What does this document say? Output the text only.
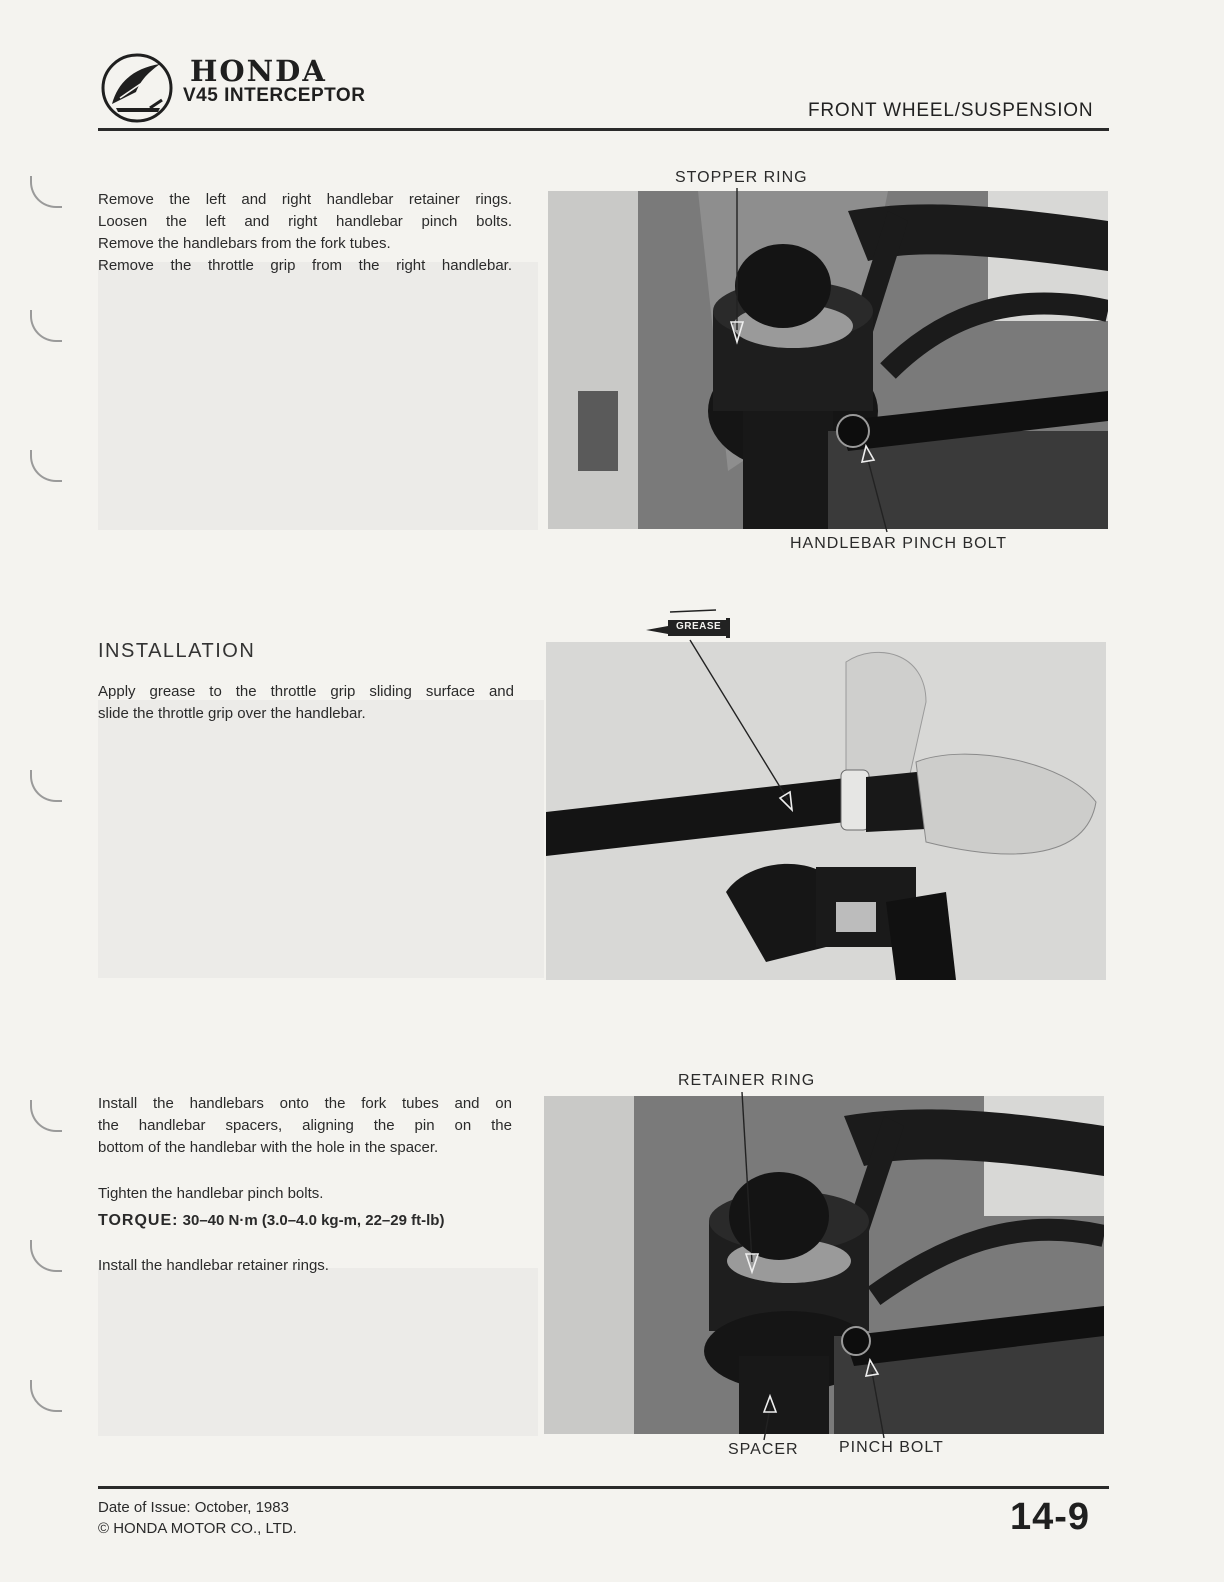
HONDA
V45 INTERCEPTOR
FRONT WHEEL/SUSPENSION
Remove the left and right handlebar retainer rings.
Loosen the left and right handlebar pinch bolts.
Remove the handlebars from the fork tubes.
Remove the throttle grip from the right handlebar.
STOPPER RING
HANDLEBAR PINCH BOLT
INSTALLATION
Apply grease to the throttle grip sliding surface and
slide the throttle grip over the handlebar.
GREASE
Install the handlebars onto the fork tubes and on
the handlebar spacers, aligning the pin on the
bottom of the handlebar with the hole in the spacer.
Tighten the handlebar pinch bolts.
TORQUE: 30–40 N·m (3.0–4.0 kg-m, 22–29 ft-lb)
Install the handlebar retainer rings.
RETAINER RING
SPACER	PINCH BOLT
Date of Issue: October, 1983
© HONDA MOTOR CO., LTD.	14-9
